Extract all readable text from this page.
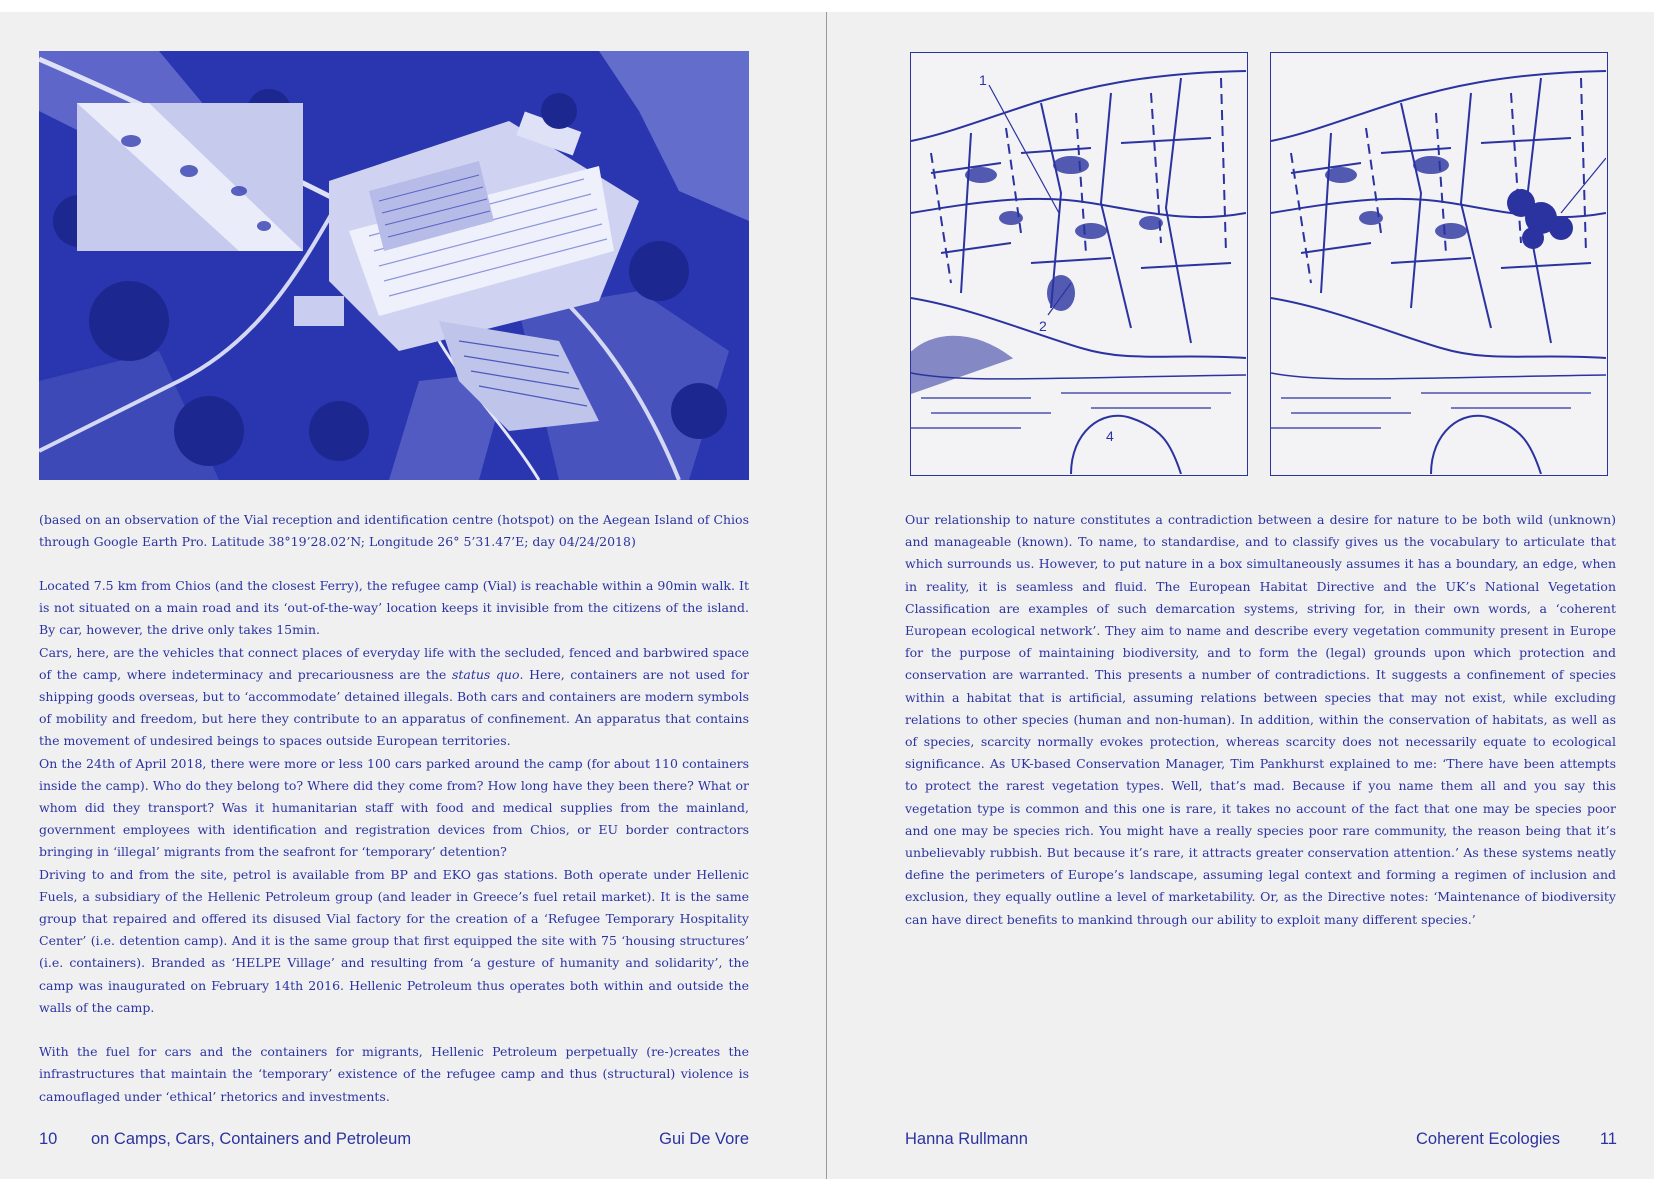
(based on an observation of the Vial reception and identification centre (hotspot) on the Aegean Island of Chios through Google Earth Pro. Latitude 38°19’28.02’N; Longitude 26° 5’31.47’E; day 04/24/2018)

Located 7.5 km from Chios (and the closest Ferry), the refugee camp (Vial) is reachable within a 90min walk. It is not situated on a main road and its ‘out-of-the-way’ location keeps it invisible from the citizens of the island. By car, however, the drive only takes 15min.

Cars, here, are the vehicles that connect places of everyday life with the secluded, fenced and barbwired space of the camp, where indeterminacy and precariousness are the status quo. Here, containers are not used for shipping goods overseas, but to ‘accommodate’ detained illegals. Both cars and containers are modern symbols of mobility and freedom, but here they contribute to an apparatus of confinement. An apparatus that contains the movement of undesired beings to spaces outside European territories.

On the 24th of April 2018, there were more or less 100 cars parked around the camp (for about 110 containers inside the camp). Who do they belong to? Where did they come from? How long have they been there? What or whom did they transport? Was it humanitarian staff with food and medical supplies from the mainland, government employees with identification and registration devices from Chios, or EU border contractors bringing in ‘illegal’ migrants from the seafront for ‘temporary’ detention?

Driving to and from the site, petrol is available from BP and EKO gas stations. Both operate under Hellenic Fuels, a subsidiary of the Hellenic Petroleum group (and leader in Greece’s fuel retail market). It is the same group that repaired and offered its disused Vial factory for the creation of a ‘Refugee Temporary Hospitality Center’ (i.e. detention camp). And it is the same group that first equipped the site with 75 ‘housing structures’ (i.e. containers). Branded as ‘HELPE Village’ and resulting from ‘a gesture of humanity and solidarity’, the camp was inaugurated on February 14th 2016. Hellenic Petroleum thus operates both within and outside the walls of the camp.

With the fuel for cars and the containers for migrants, Hellenic Petroleum perpetually (re-)creates the infrastructures that maintain the ‘temporary’ existence of the refugee camp and thus (structural) violence is camouflaged under ‘ethical’ rhetorics and investments.

10 on Camps, Cars, Containers and Petroleum	Gui De Vore
1
2
4

Our relationship to nature constitutes a contradiction between a desire for nature to be both wild (unknown) and manageable (known). To name, to standardise, and to classify gives us the vocabulary to articulate that which surrounds us. However, to put nature in a box simultaneously assumes it has a boundary, an edge, when in reality, it is seamless and fluid. The European Habitat Directive and the UK’s National Vegetation Classification are examples of such demarcation systems, striving for, in their own words, a ‘coherent European ecological network’. They aim to name and describe every vegetation community present in Europe for the purpose of maintaining biodiversity, and to form the (legal) grounds upon which protection and conservation are warranted. This presents a number of contradictions. It suggests a confinement of species within a habitat that is artificial, assuming relations between species that may not exist, while excluding relations to other species (human and non-human). In addition, within the conservation of habitats, as well as of species, scarcity normally evokes protection, whereas scarcity does not necessarily equate to ecological significance. As UK-based Conservation Manager, Tim Pankhurst explained to me: ‘There have been attempts to protect the rarest vegetation types. Well, that’s mad. Because if you name them all and you say this vegetation type is common and this one is rare, it takes no account of the fact that one may be species poor and one may be species rich. You might have a really species poor rare community, the reason being that it’s unbelievably rubbish. But because it’s rare, it attracts greater conservation attention.’ As these systems neatly define the perimeters of Europe’s landscape, assuming legal context and forming a regimen of inclusion and exclusion, they equally outline a level of marketability. Or, as the Directive notes: ‘Maintenance of biodiversity can have direct benefits to mankind through our ability to exploit many different species.’

Hanna Rullmann	Coherent Ecologies 11
